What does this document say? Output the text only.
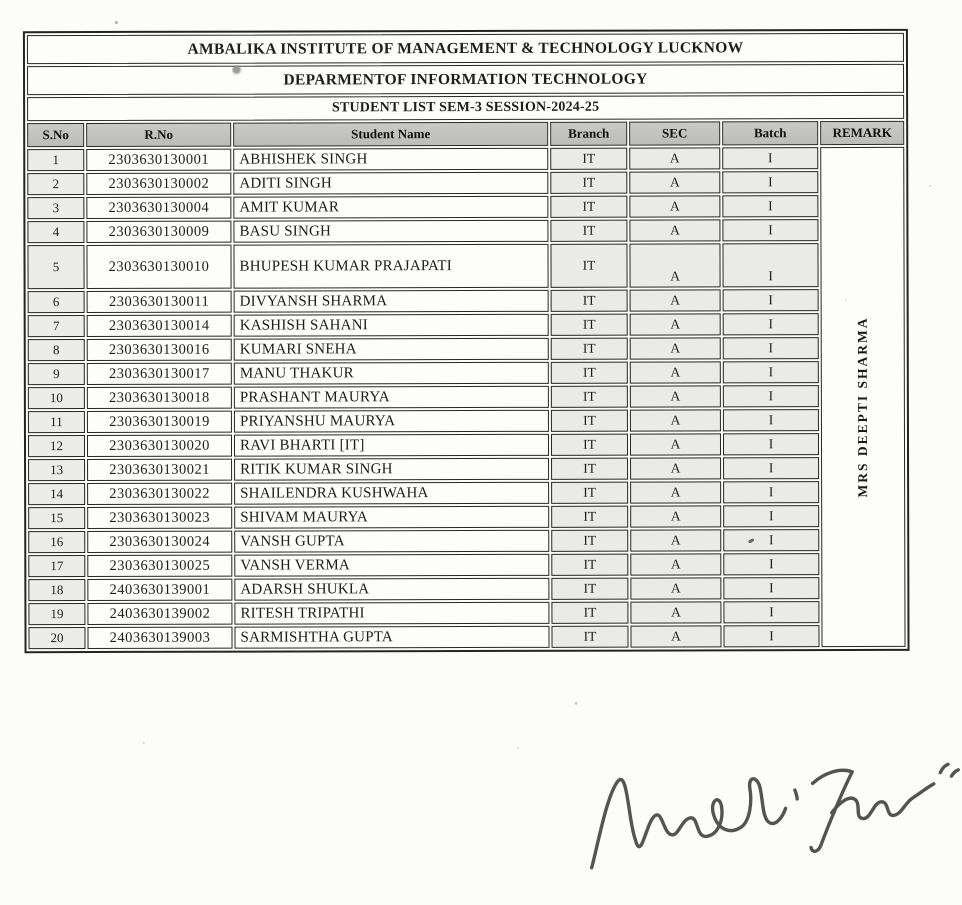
AMBALIKA INSTITUTE OF MANAGEMENT & TECHNOLOGY LUCKNOW						
DEPARMENTOF INFORMATION TECHNOLOGY						
STUDENT LIST SEM-3 SESSION-2024-25						
S.No	R.No	Student Name	Branch	SEC	Batch	REMARK
1	2303630130001	ABHISHEK SINGH	IT	A	I	MRS DEEPTI SHARMA

2	2303630130002	ADITI SINGH	IT	A	I	
3	2303630130004	AMIT KUMAR	IT	A	I	
4	2303630130009	BASU SINGH	IT	A	I	
5	2303630130010	BHUPESH KUMAR PRAJAPATI	IT	A	I	
6	2303630130011	DIVYANSH SHARMA	IT	A	I	
7	2303630130014	KASHISH SAHANI	IT	A	I	
8	2303630130016	KUMARI SNEHA	IT	A	I	
9	2303630130017	MANU THAKUR	IT	A	I	
10	2303630130018	PRASHANT MAURYA	IT	A	I	
11	2303630130019	PRIYANSHU MAURYA	IT	A	I	
12	2303630130020	RAVI BHARTI [IT]	IT	A	I	
13	2303630130021	RITIK KUMAR SINGH	IT	A	I	
14	2303630130022	SHAILENDRA KUSHWAHA	IT	A	I	
15	2303630130023	SHIVAM MAURYA	IT	A	I	
16	2303630130024	VANSH GUPTA	IT	A	I	
17	2303630130025	VANSH VERMA	IT	A	I	
18	2403630139001	ADARSH SHUKLA	IT	A	I	
19	2403630139002	RITESH TRIPATHI	IT	A	I	
20	2403630139003	SARMISHTHA GUPTA	IT	A	I	
